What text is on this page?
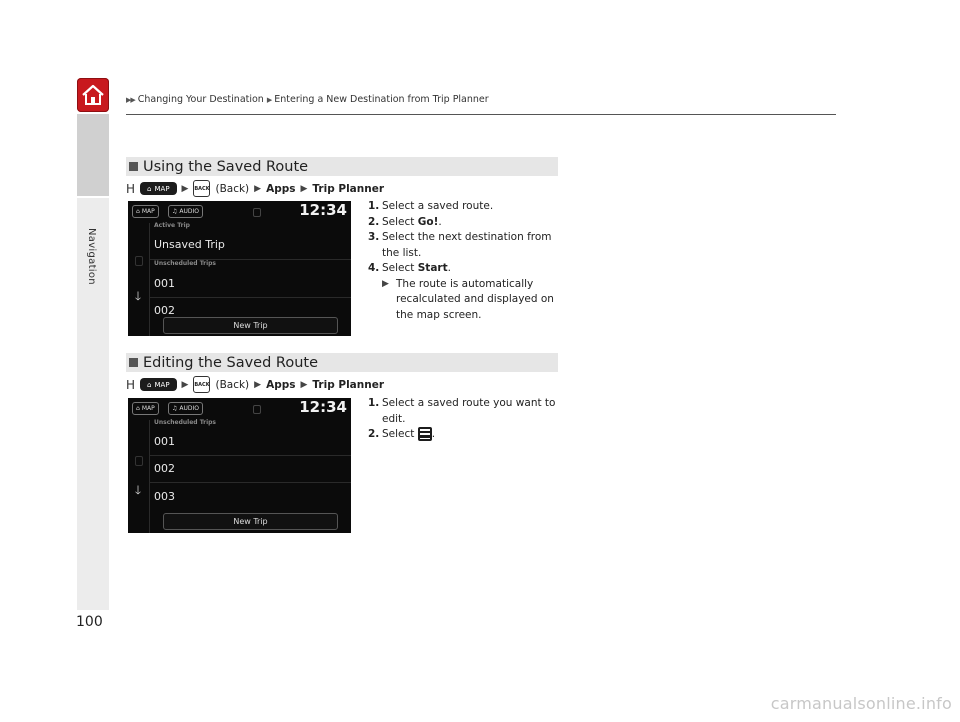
Navigation
▶▶ Changing Your Destination ▶ Entering a New Destination from Trip Planner
Using the Saved Route
H ⌂ MAP ▶ BACK (Back) ▶ Apps ▶ Trip Planner
⌂ MAP	♫ AUDIO	12:34
🡓
Active Trip
Unsaved Trip
Unscheduled Trips
001
002
New Trip
1. Select a saved route.
2. Select Go!.
3. Select the next destination from the list.
4. Select Start.
▶ The route is automatically recalculated and displayed on the map screen.
Editing the Saved Route
H ⌂ MAP ▶ BACK (Back) ▶ Apps ▶ Trip Planner
⌂ MAP	♫ AUDIO	12:34
🡓
Unscheduled Trips
001
002
003
New Trip
1. Select a saved route you want to edit.
2. Select
.
100
carmanualsonline.info
